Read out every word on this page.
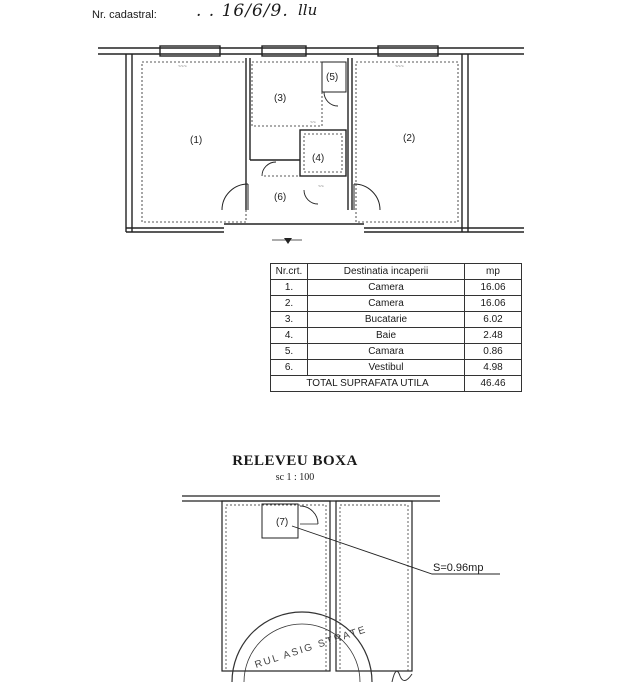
Nr. cadastral: . . 16/6/9. llu
~~~	~~~
~~
~~
(1)	(2)
(3)
(4)
(5)
(6)
(7)
RUL ASIG STRATE
Nr.crt.	Destinatia incaperii	mp
1.	Camera	16.06
2.	Camera	16.06
3.	Bucatarie	6.02
4.	Baie	2.48
5.	Camara	0.86
6.	Vestibul	4.98
TOTAL SUPRAFATA UTILA		46.46
RELEVEU BOXA
sc 1 : 100
S=0.96mp
